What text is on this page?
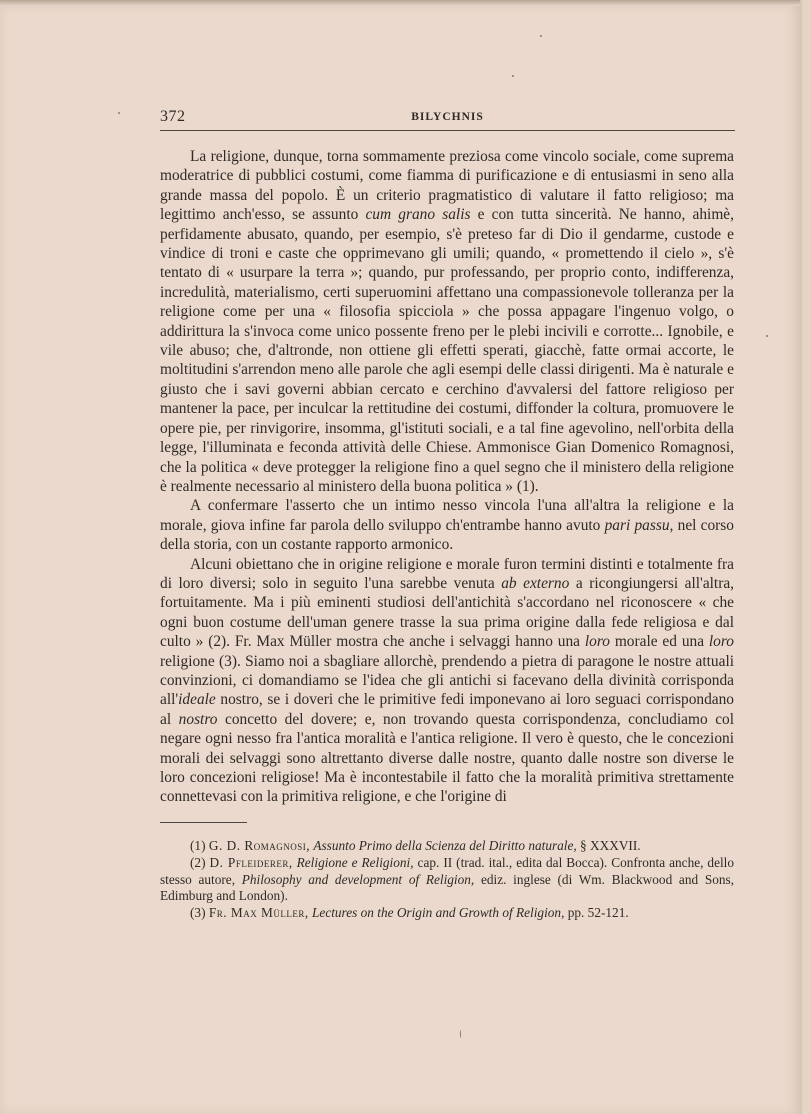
372	BILYCHNIS

La religione, dunque, torna sommamente preziosa come vincolo sociale, come suprema moderatrice di pubblici costumi, come fiamma di purificazione e di entusiasmi in seno alla grande massa del popolo. È un criterio pragmatistico di valutare il fatto religioso; ma legittimo anch'esso, se assunto cum grano salis e con tutta sincerità. Ne hanno, ahimè, perfidamente abusato, quando, per esempio, s'è preteso far di Dio il gendarme, custode e vindice di troni e caste che opprimevano gli umili; quando, « promettendo il cielo », s'è tentato di « usurpare la terra »; quando, pur professando, per proprio conto, indifferenza, incredulità, materialismo, certi superuomini affettano una compassionevole tolleranza per la religione come per una « filosofia spicciola » che possa appagare l'ingenuo volgo, o addirittura la s'invoca come unico possente freno per le plebi incivili e corrotte... Ignobile, e vile abuso; che, d'altronde, non ottiene gli effetti sperati, giacchè, fatte ormai accorte, le moltitudini s'arrendon meno alle parole che agli esempi delle classi dirigenti. Ma è naturale e giusto che i savi governi abbian cercato e cerchino d'avvalersi del fattore religioso per mantener la pace, per inculcar la rettitudine dei costumi, diffonder la coltura, promuovere le opere pie, per rinvigorire, insomma, gl'istituti sociali, e a tal fine agevolino, nell'orbita della legge, l'illuminata e feconda attività delle Chiese. Ammonisce Gian Domenico Romagnosi, che la politica « deve protegger la religione fino a quel segno che il ministero della religione è realmente necessario al ministero della buona politica » (1).

A confermare l'asserto che un intimo nesso vincola l'una all'altra la religione e la morale, giova infine far parola dello sviluppo ch'entrambe hanno avuto pari passu, nel corso della storia, con un costante rapporto armonico.

Alcuni obiettano che in origine religione e morale furon termini distinti e totalmente fra di loro diversi; solo in seguito l'una sarebbe venuta ab externo a ricongiungersi all'altra, fortuitamente. Ma i più eminenti studiosi dell'antichità s'accordano nel riconoscere « che ogni buon costume dell'uman genere trasse la sua prima origine dalla fede religiosa e dal culto » (2). Fr. Max Müller mostra che anche i selvaggi hanno una loro morale ed una loro religione (3). Siamo noi a sbagliare allorchè, prendendo a pietra di paragone le nostre attuali convinzioni, ci domandiamo se l'idea che gli antichi si facevano della divinità corrisponda all'ideale nostro, se i doveri che le primitive fedi imponevano ai loro seguaci corrispondano al nostro concetto del dovere; e, non trovando questa corrispondenza, concludiamo col negare ogni nesso fra l'antica moralità e l'antica religione. Il vero è questo, che le concezioni morali dei selvaggi sono altrettanto diverse dalle nostre, quanto dalle nostre son diverse le loro concezioni religiose! Ma è incontestabile il fatto che la moralità primitiva strettamente connettevasi con la primitiva religione, e che l'origine di

(1) G. D. Romagnosi, Assunto Primo della Scienza del Diritto naturale, § XXXVII.

(2) D. Pfleiderer, Religione e Religioni, cap. II (trad. ital., edita dal Bocca). Confronta anche, dello stesso autore, Philosophy and development of Religion, ediz. inglese (di Wm. Blackwood and Sons, Edimburg and London).

(3) Fr. Max Müller, Lectures on the Origin and Growth of Religion, pp. 52-121.
